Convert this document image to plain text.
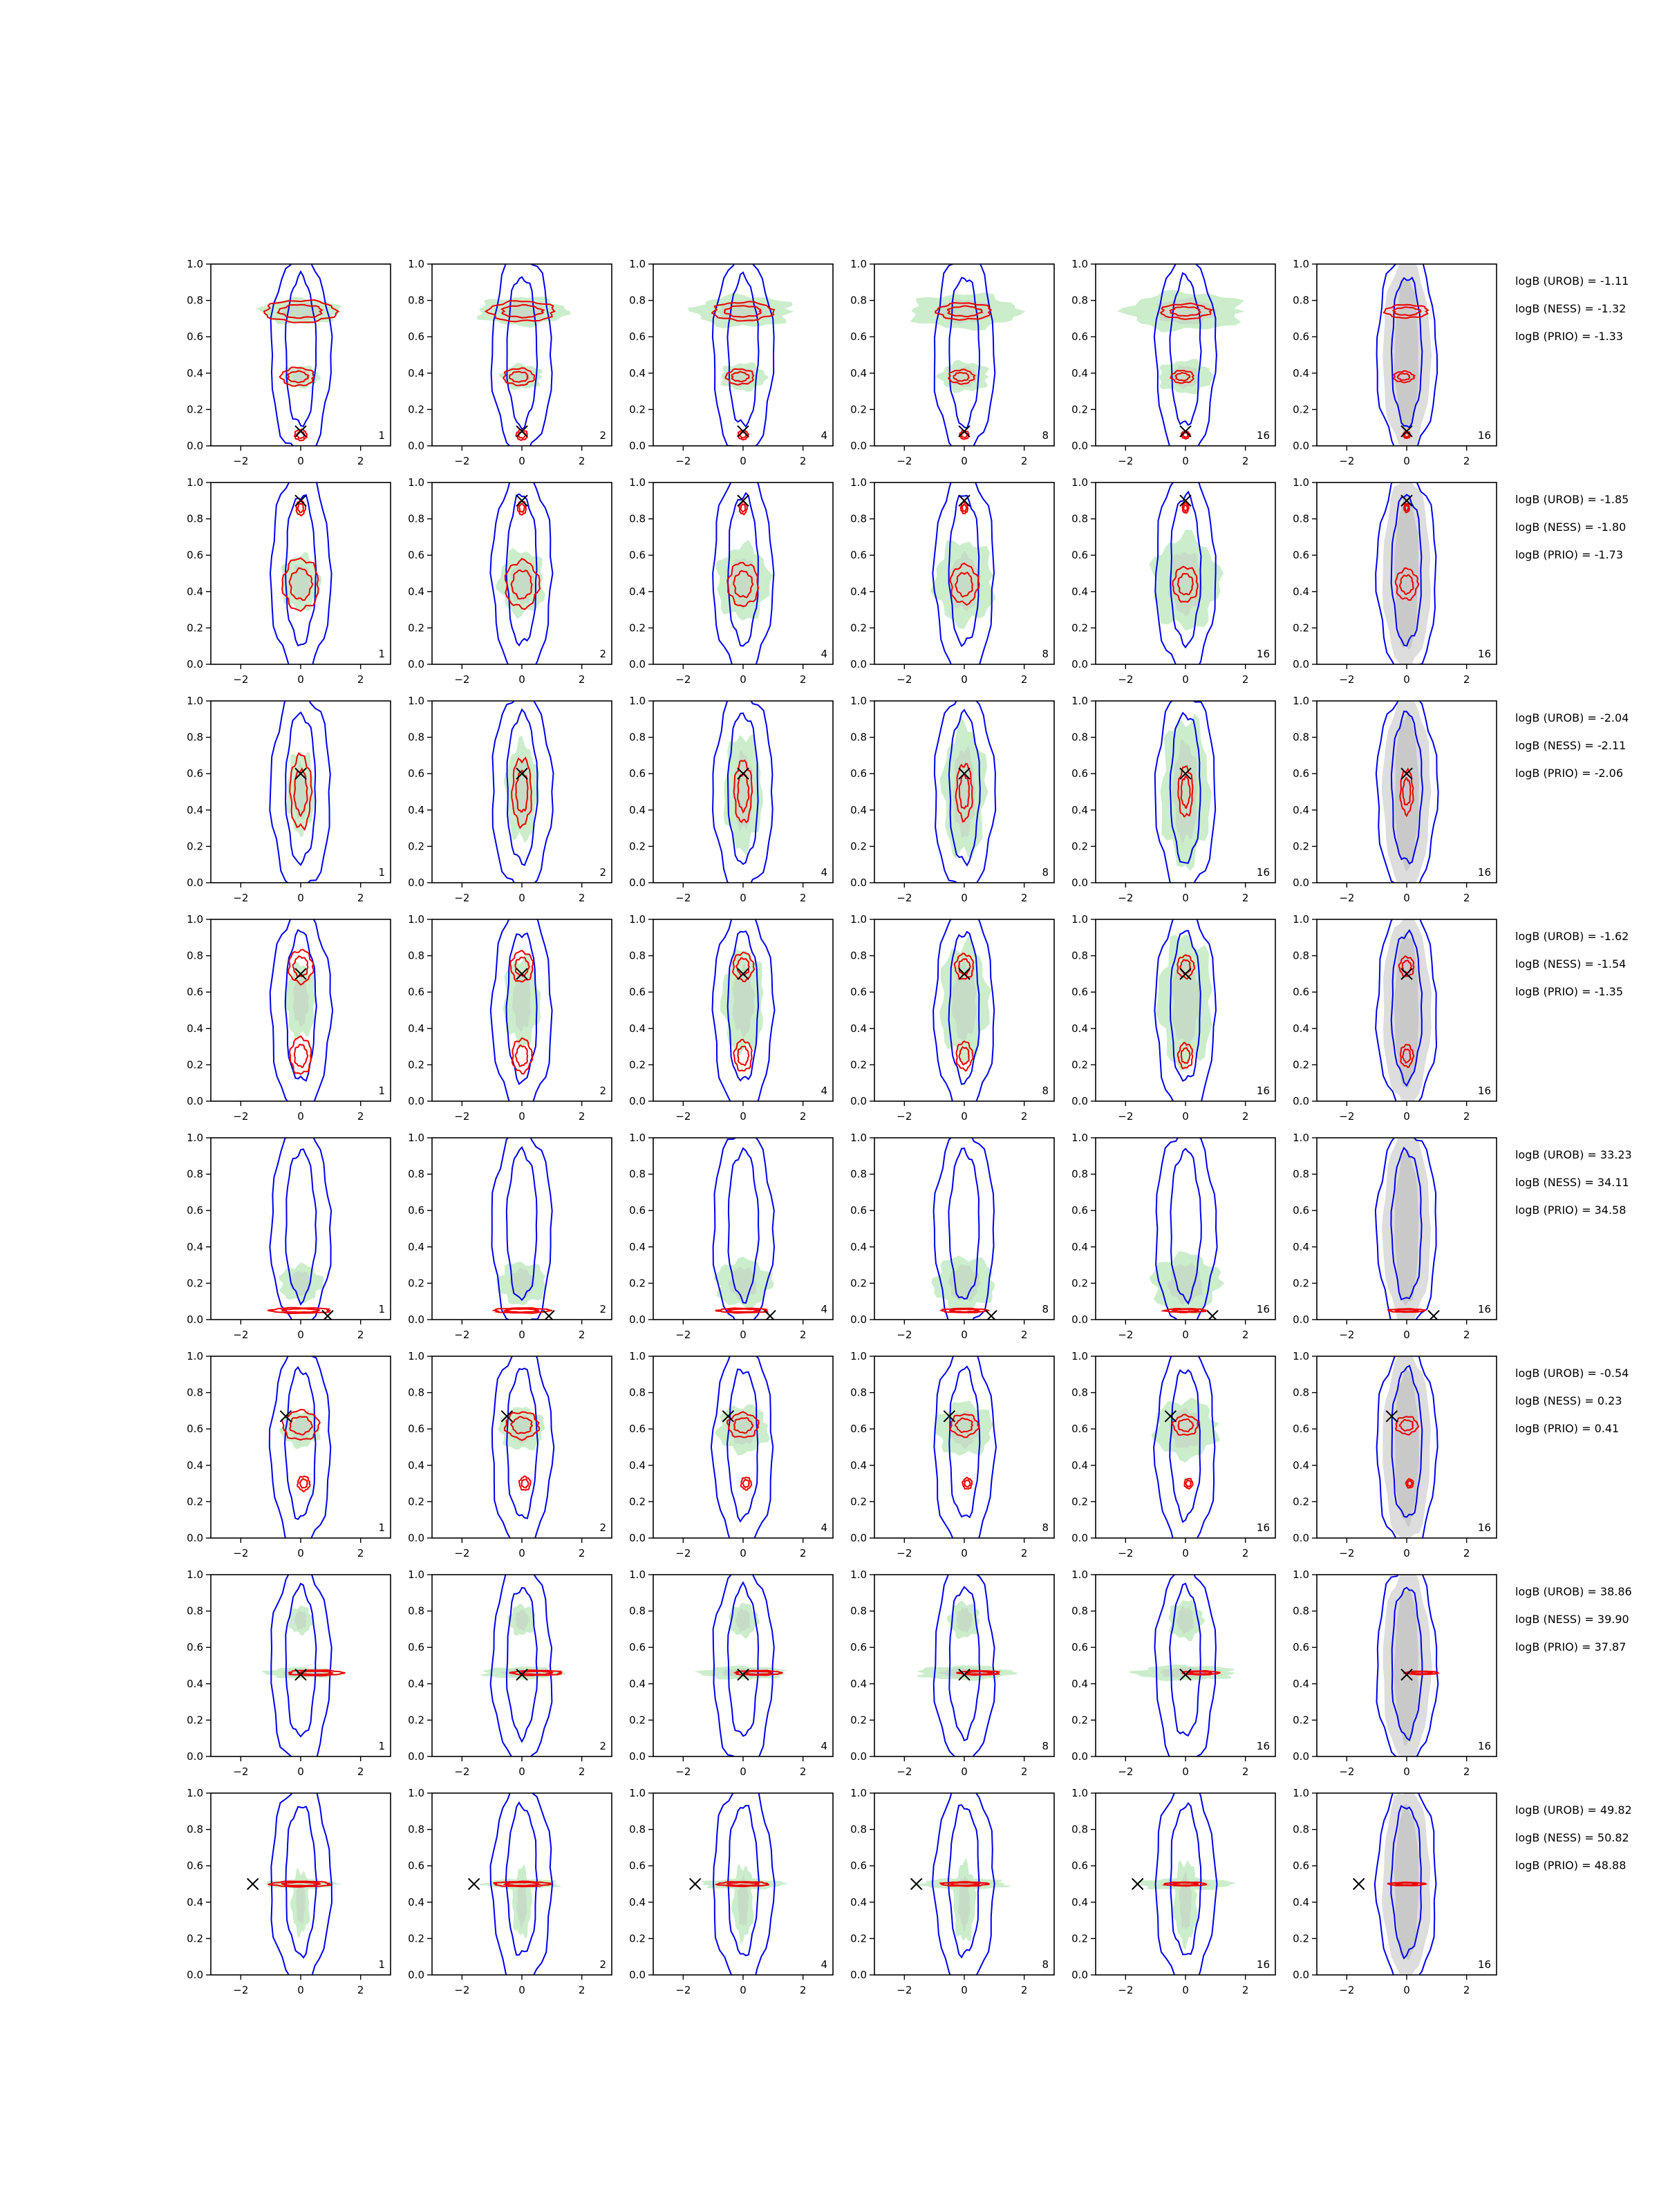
−2	0	2
0.0
0.2
0.4
0.6
0.8
1.0
1
−2	0	2
0.0
0.2
0.4
0.6
0.8
1.0
2
−2	0	2
0.0
0.2
0.4
0.6
0.8
1.0
4
−2	0	2
0.0
0.2
0.4
0.6
0.8
1.0
8
−2	0	2
0.0
0.2
0.4
0.6
0.8
1.0
16
−2	0	2
0.0
0.2
0.4
0.6
0.8
1.0
16
logB (UROB) = -1.11
logB (NESS) = -1.32
logB (PRIO) = -1.33
−2	0	2
0.0
0.2
0.4
0.6
0.8
1.0
1
−2	0	2
0.0
0.2
0.4
0.6
0.8
1.0
2
−2	0	2
0.0
0.2
0.4
0.6
0.8
1.0
4
−2	0	2
0.0
0.2
0.4
0.6
0.8
1.0
8
−2	0	2
0.0
0.2
0.4
0.6
0.8
1.0
16
−2	0	2
0.0
0.2
0.4
0.6
0.8
1.0
16
logB (UROB) = -1.85
logB (NESS) = -1.80
logB (PRIO) = -1.73
−2	0	2
0.0
0.2
0.4
0.6
0.8
1.0
1
−2	0	2
0.0
0.2
0.4
0.6
0.8
1.0
2
−2	0	2
0.0
0.2
0.4
0.6
0.8
1.0
4
−2	0	2
0.0
0.2
0.4
0.6
0.8
1.0
8
−2	0	2
0.0
0.2
0.4
0.6
0.8
1.0
16
−2	0	2
0.0
0.2
0.4
0.6
0.8
1.0
16
logB (UROB) = -2.04
logB (NESS) = -2.11
logB (PRIO) = -2.06
−2	0	2
0.0
0.2
0.4
0.6
0.8
1.0
1
−2	0	2
0.0
0.2
0.4
0.6
0.8
1.0
2
−2	0	2
0.0
0.2
0.4
0.6
0.8
1.0
4
−2	0	2
0.0
0.2
0.4
0.6
0.8
1.0
8
−2	0	2
0.0
0.2
0.4
0.6
0.8
1.0
16
−2	0	2
0.0
0.2
0.4
0.6
0.8
1.0
16
logB (UROB) = -1.62
logB (NESS) = -1.54
logB (PRIO) = -1.35
−2	0	2
0.0
0.2
0.4
0.6
0.8
1.0
1
−2	0	2
0.0
0.2
0.4
0.6
0.8
1.0
2
−2	0	2
0.0
0.2
0.4
0.6
0.8
1.0
4
−2	0	2
0.0
0.2
0.4
0.6
0.8
1.0
8
−2	0	2
0.0
0.2
0.4
0.6
0.8
1.0
16
−2	0	2
0.0
0.2
0.4
0.6
0.8
1.0
16
logB (UROB) = 33.23
logB (NESS) = 34.11
logB (PRIO) = 34.58
−2	0	2
0.0
0.2
0.4
0.6
0.8
1.0
1
−2	0	2
0.0
0.2
0.4
0.6
0.8
1.0
2
−2	0	2
0.0
0.2
0.4
0.6
0.8
1.0
4
−2	0	2
0.0
0.2
0.4
0.6
0.8
1.0
8
−2	0	2
0.0
0.2
0.4
0.6
0.8
1.0
16
−2	0	2
0.0
0.2
0.4
0.6
0.8
1.0
16
logB (UROB) = -0.54
logB (NESS) = 0.23
logB (PRIO) = 0.41
−2	0	2
0.0
0.2
0.4
0.6
0.8
1.0
1
−2	0	2
0.0
0.2
0.4
0.6
0.8
1.0
2
−2	0	2
0.0
0.2
0.4
0.6
0.8
1.0
4
−2	0	2
0.0
0.2
0.4
0.6
0.8
1.0
8
−2	0	2
0.0
0.2
0.4
0.6
0.8
1.0
16
−2	0	2
0.0
0.2
0.4
0.6
0.8
1.0
16
logB (UROB) = 38.86
logB (NESS) = 39.90
logB (PRIO) = 37.87
−2	0	2
0.0
0.2
0.4
0.6
0.8
1.0
1
−2	0	2
0.0
0.2
0.4
0.6
0.8
1.0
2
−2	0	2
0.0
0.2
0.4
0.6
0.8
1.0
4
−2	0	2
0.0
0.2
0.4
0.6
0.8
1.0
8
−2	0	2
0.0
0.2
0.4
0.6
0.8
1.0
16
−2	0	2
0.0
0.2
0.4
0.6
0.8
1.0
16
logB (UROB) = 49.82
logB (NESS) = 50.82
logB (PRIO) = 48.88
